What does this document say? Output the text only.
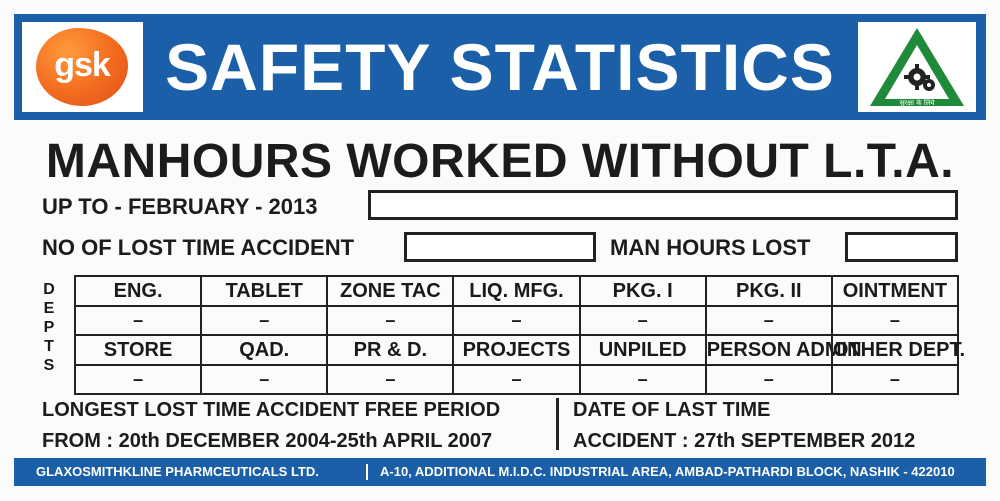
gsk SAFETY STATISTICS	सुरक्षा के लिये
MANHOURS WORKED WITHOUT L.T.A.
UP TO - FEBRUARY - 2013
NO OF LOST TIME ACCIDENT	MAN HOURS LOST
D
E
P
T
S
ENG.	TABLET	ZONE TAC	LIQ. MFG.	PKG. I	PKG. II	OINTMENT
–	–	–	–	–	–	–
STORE	QAD.	PR & D.	PROJECTS	UNPILED	PERSON ADMIN	OTHER DEPT.
–	–	–	–	–	–	–
LONGEST LOST TIME ACCIDENT FREE PERIOD
FROM : 20th DECEMBER 2004-25th APRIL 2007
DATE OF LAST TIME
ACCIDENT : 27th SEPTEMBER 2012
GLAXOSMITHKLINE PHARMCEUTICALS LTD.	A-10, ADDITIONAL M.I.D.C. INDUSTRIAL AREA, AMBAD-PATHARDI BLOCK, NASHIK - 422010
